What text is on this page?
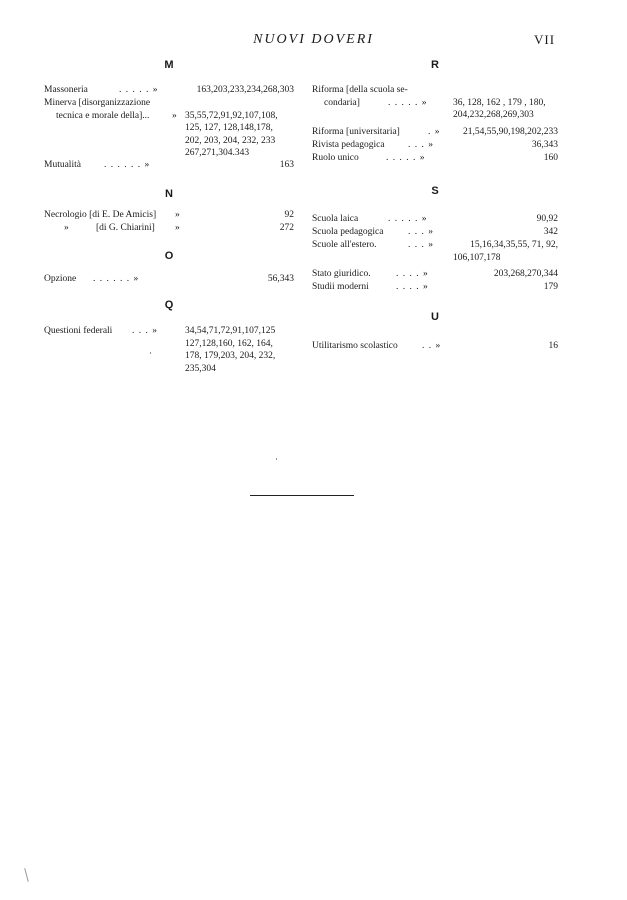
NUOVI DOVERI	VII
M
Massoneria	. . . . . »	163,203,233,234,268,303
Minerva [disorganizzazione
tecnica e morale della]... » 35,55,72,91,92,107,108,
125, 127, 128,148,178,
202, 203, 204, 232, 233
267,271,304.343
Mutualità . . . . . . »	163
N
Necrologio [di E. De Amicis] »	92
»	[di G. Chiarini] »	272
O
Opzione . . . . . . »	56,343
Q
Questioni federali . . . »	34,54,71,72,91,107,125
127,128,160, 162, 164,
178, 179,203, 204, 232,
235,304
R
Riforma [della scuola se-
condaria]	. . . . . »	36, 128, 162 , 179 , 180,
204,232,268,269,303
Riforma [universitaria]	. » 21,54,55,90,198,202,233
Rivista pedagogica . . . »	36,343
Ruolo unico	. . . . . »	160
S
Scuola laica	. . . . . »	90,92
Scuola pedagogica	. . . »	342
Scuole all'estero.	. . . »	15,16,34,35,55, 71, 92,
106,107,178
Stato giuridico.	. . . . »	203,268,270,344
Studii moderni	. . . . »	179
U
Utilitarismo scolastico	. . »	16
